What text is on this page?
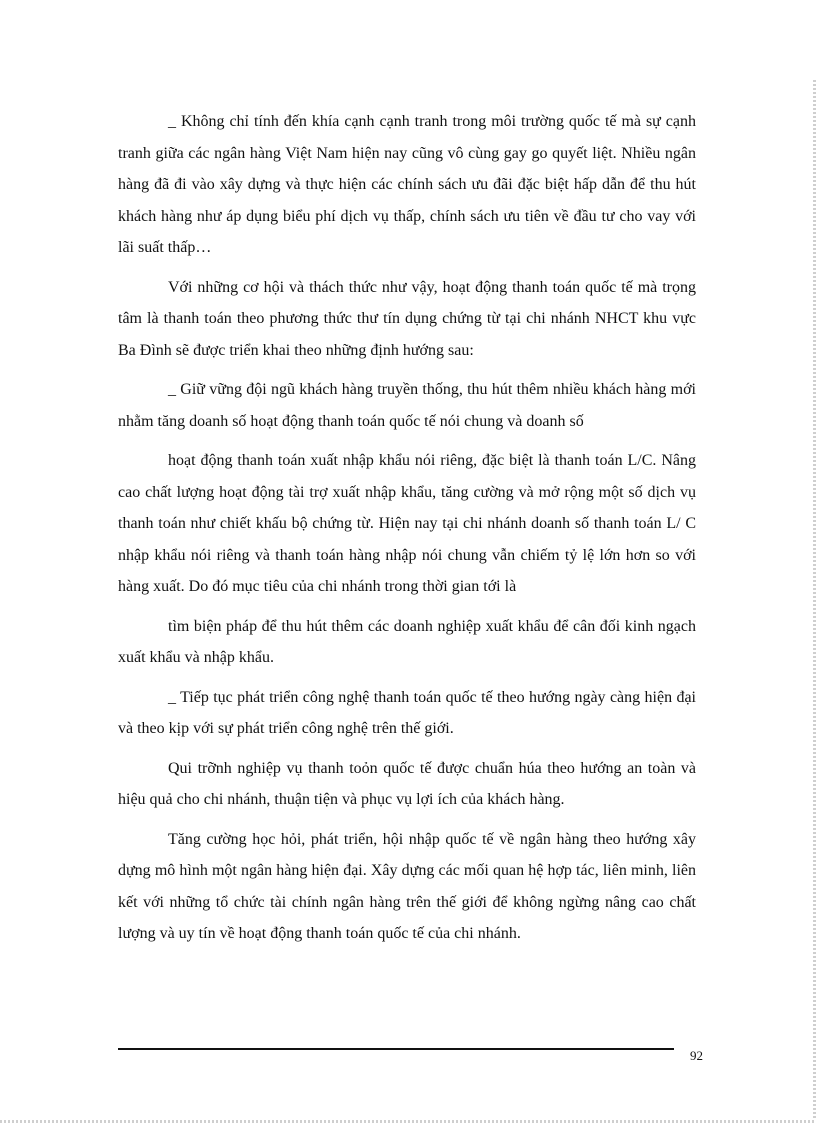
_ Không chỉ tính đến khía cạnh cạnh tranh trong môi trường quốc tế mà sự cạnh tranh giữa các ngân hàng Việt Nam hiện nay cũng vô cùng gay go quyết liệt. Nhiều ngân hàng đã đi vào xây dựng và thực hiện các chính sách ưu đãi đặc biệt hấp dẫn để thu hút khách hàng như áp dụng biểu phí dịch vụ thấp, chính sách ưu tiên về đầu tư cho vay với lãi suất thấp…

Với những cơ hội và thách thức như vậy, hoạt động thanh toán quốc tế mà trọng tâm là thanh toán theo phương thức thư tín dụng chứng từ tại chi nhánh NHCT khu vực Ba Đình sẽ được triển khai theo những định hướng sau:

_ Giữ vững đội ngũ khách hàng truyền thống, thu hút thêm nhiều khách hàng mới nhằm tăng doanh số hoạt động thanh toán quốc tế nói chung và doanh số

hoạt động thanh toán xuất nhập khẩu nói riêng, đặc biệt là thanh toán L/C. Nâng cao chất lượng hoạt động tài trợ xuất nhập khẩu, tăng cường và mở rộng một số dịch vụ thanh toán như chiết khấu bộ chứng từ. Hiện nay tại chi nhánh doanh số thanh toán L/ C nhập khẩu nói riêng và thanh toán hàng nhập nói chung vẫn chiếm tỷ lệ lớn hơn so với hàng xuất. Do đó mục tiêu của chi nhánh trong thời gian tới là

tìm biện pháp để thu hút thêm các doanh nghiệp xuất khẩu để cân đối kinh ngạch xuất khẩu và nhập khẩu.

_ Tiếp tục phát triển công nghệ thanh toán quốc tế theo hướng ngày càng hiện đại và theo kịp với sự phát triển công nghệ trên thế giới.

Qui trỡnh nghiệp vụ thanh toỏn quốc tế được chuẩn húa theo hướng an toàn và hiệu quả cho chi nhánh, thuận tiện và phục vụ lợi ích của khách hàng.

Tăng cường học hỏi, phát triển, hội nhập quốc tế về ngân hàng theo hướng xây dựng mô hình một ngân hàng hiện đại. Xây dựng các mối quan hệ hợp tác, liên minh, liên kết với những tổ chức tài chính ngân hàng trên thế giới để không ngừng nâng cao chất lượng và uy tín về hoạt động thanh toán quốc tế của chi nhánh.

92
